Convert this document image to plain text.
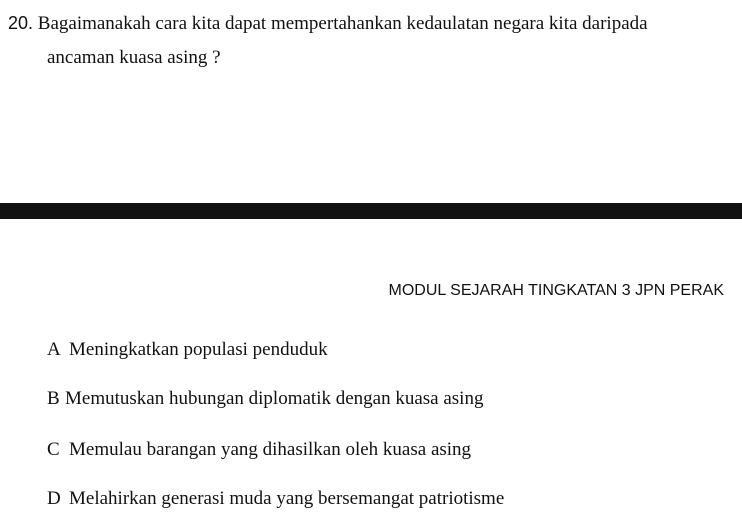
20. Bagaimanakah cara kita dapat mempertahankan kedaulatan negara kita daripada
ancaman kuasa asing ?
MODUL SEJARAH TINGKATAN 3 JPN PERAK
A Meningkatkan populasi penduduk
B Memutuskan hubungan diplomatik dengan kuasa asing
C Memulau barangan yang dihasilkan oleh kuasa asing
D Melahirkan generasi muda yang bersemangat patriotisme
